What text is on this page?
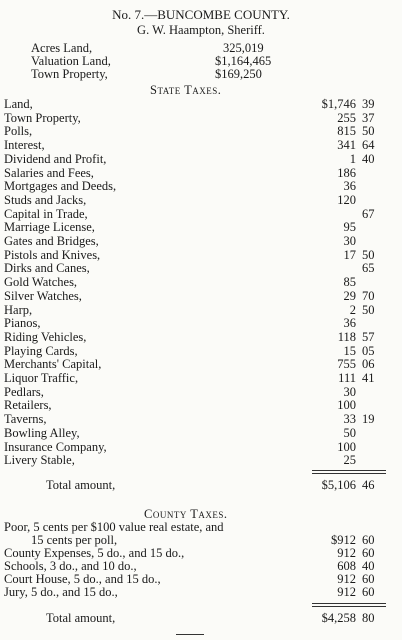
No. 7.—BUNCOMBE COUNTY.
G. W. Haampton, Sheriff.
Acres Land,	325,019
Valuation Land,	$1,164,465
Town Property,	$169,250
State Taxes.
Land,	$1,746 39
Town Property,	255 37
Polls,	815 50
Interest,	341 64
Dividend and Profit,	1 40
Salaries and Fees,	186
Mortgages and Deeds,	36
Studs and Jacks,	120
Capital in Trade,	67
Marriage License,	95
Gates and Bridges,	30
Pistols and Knives,	17 50
Dirks and Canes,	65
Gold Watches,	85
Silver Watches,	29 70
Harp,	2 50
Pianos,	36
Riding Vehicles,	118 57
Playing Cards,	15 05
Merchants' Capital,	755 06
Liquor Traffic,	111 41
Pedlars,	30
Retailers,	100
Taverns,	33 19
Bowling Alley,	50
Insurance Company,	100
Livery Stable,	25
Total amount,	$5,106 46
County Taxes.
Poor, 5 cents per $100 value real estate, and
15 cents per poll,	$912 60
County Expenses, 5 do., and 15 do.,	912 60
Schools, 3 do., and 10 do.,	608 40
Court House, 5 do., and 15 do.,	912 60
Jury, 5 do., and 15 do.,	912 60
Total amount,	$4,258 80
